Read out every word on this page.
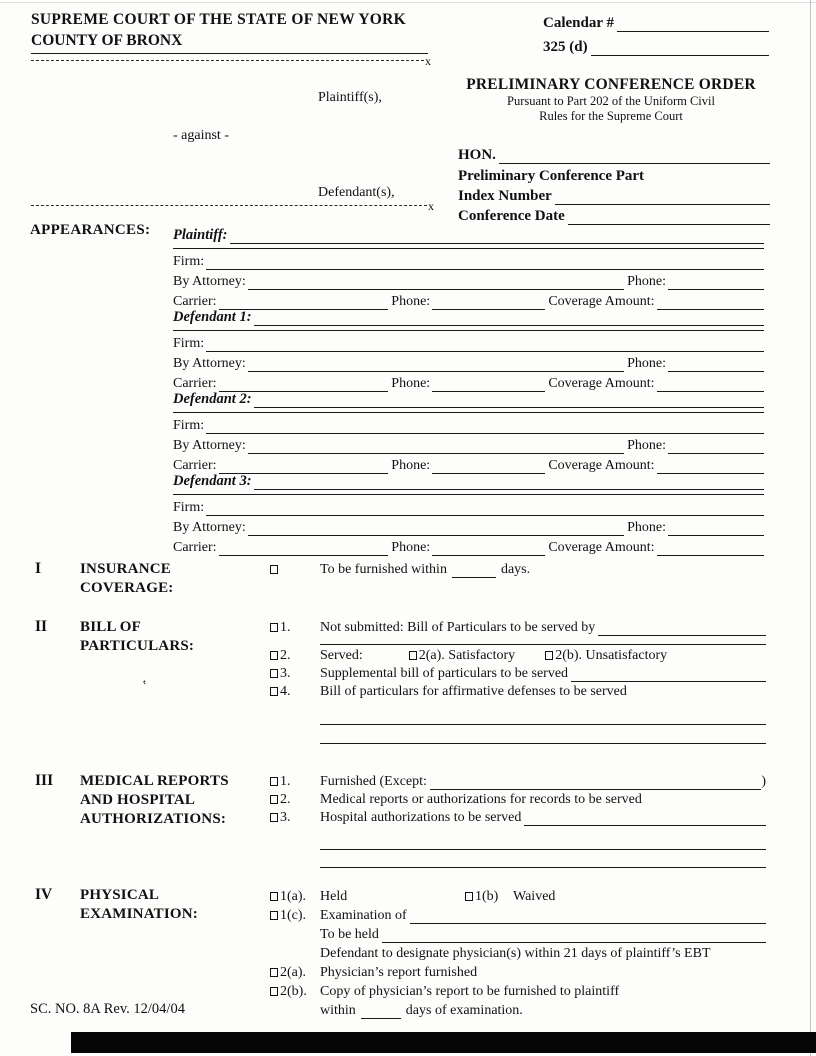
SUPREME COURT OF THE STATE OF NEW YORK
COUNTY OF BRONX
x
Calendar #
325 (d)
Plaintiff(s),
PRELIMINARY CONFERENCE ORDER
Pursuant to Part 202 of the Uniform Civil
Rules for the Supreme Court
- against -
HON.
Preliminary Conference Part
Index Number
Conference Date
Defendant(s),
x
APPEARANCES: Plaintiff:
Firm:
By Attorney:	Phone:
Carrier:	Phone:	Coverage Amount:
Defendant 1:
Firm:
By Attorney:	Phone:
Carrier:	Phone:	Coverage Amount:
Defendant 2:
Firm:
By Attorney:	Phone:
Carrier:	Phone:	Coverage Amount:
Defendant 3:
Firm:
By Attorney:	Phone:
Carrier:	Phone:	Coverage Amount:
I	INSURANCE
COVERAGE:
To be furnished within	days.
II	BILL OF
PARTICULARS:
1.	Not submitted: Bill of Particulars to be served by
2.	Served:	2(a). Satisfactory	2(b). Unsatisfactory
3.	Supplemental bill of particulars to be served
4.	Bill of particulars for affirmative defenses to be served
‛
III	MEDICAL REPORTS
AND HOSPITAL
AUTHORIZATIONS:
1.	Furnished (Except:	)
2.	Medical reports or authorizations for records to be served
3.	Hospital authorizations to be served
IV	PHYSICAL
EXAMINATION:
1(a). Held	1(b)	Waived
1(c). Examination of
To be held
Defendant to designate physician(s) within 21 days of plaintiff’s EBT
2(a). Physician’s report furnished
2(b). Copy of physician’s report to be furnished to plaintiff
within	days of examination.
SC. NO. 8A Rev. 12/04/04
